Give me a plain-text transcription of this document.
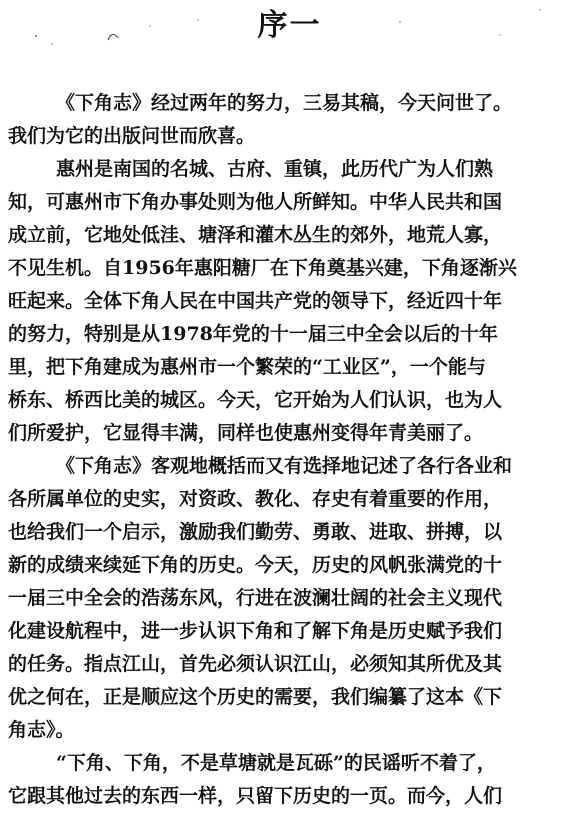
序一
《下角志》经过两年的努力，三易其稿，今天问世了。
我们为它的出版问世而欣喜。
惠州是南国的名城、古府、重镇，此历代广为人们熟
知，可惠州市下角办事处则为他人所鲜知。中华人民共和国
成立前，它地处低洼、塘泽和灌木丛生的郊外，地荒人寡，
不见生机。自1956年惠阳糖厂在下角奠基兴建，下角逐渐兴
旺起来。全体下角人民在中国共产党的领导下，经近四十年
的努力，特别是从1978年党的十一届三中全会以后的十年
里，把下角建成为惠州市一个繁荣的“工业区”，一个能与
桥东、桥西比美的城区。今天，它开始为人们认识，也为人
们所爱护，它显得丰满，同样也使惠州变得年青美丽了。
《下角志》客观地概括而又有选择地记述了各行各业和
各所属单位的史实，对资政、教化、存史有着重要的作用，
也给我们一个启示，激励我们勤劳、勇敢、进取、拼搏，以
新的成绩来续延下角的历史。今天，历史的风帆张满党的十
一届三中全会的浩荡东风，行进在波澜壮阔的社会主义现代
化建设航程中，进一步认识下角和了解下角是历史赋予我们
的任务。指点江山，首先必须认识江山，必须知其所优及其
优之何在，正是顺应这个历史的需要，我们编纂了这本《下
角志》。
“下角、下角，不是草塘就是瓦砾”的民谣听不着了，
它跟其他过去的东西一样，只留下历史的一页。而今，人们
